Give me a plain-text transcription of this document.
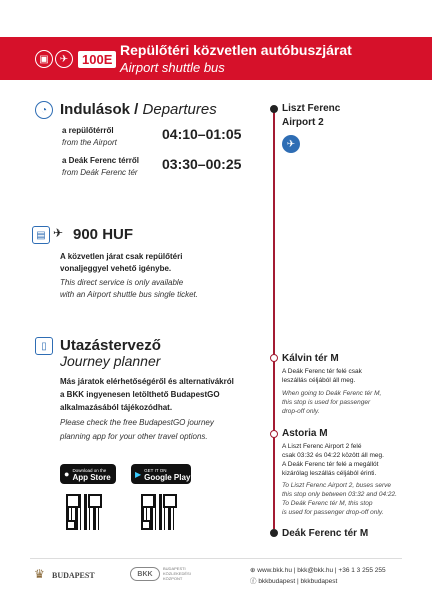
▣	✈	100E
Repülőtéri közvetlen autóbuszjárat
Airport shuttle bus
◔ Indulások / Departures
a repülőtérről
from the Airport
04:10–01:05
a Deák Ferenc térről
from Deák Ferenc tér
03:30–00:25
▤ ✈ 900 HUF
A közvetlen járat csak repülőtéri
vonaljeggyel vehető igénybe.
This direct service is only available
with an Airport shuttle bus single ticket.
▯ Utazástervező
Journey planner
Más járatok elérhetőségéről és alternatívákról
a BKK ingyenesen letölthető BudapestGO
alkalmazásából tájékozódhat.
Please check the free BudapestGO journey
planning app for your other travel options.
● Download on the
App Store	▶ GET IT ON
Google Play
Liszt Ferenc
Airport 2
✈
Kálvin tér M
A Deák Ferenc tér felé csak
leszállás céljából áll meg.
When going to Deák Ferenc tér M,
this stop is used for passenger
drop-off only.
Astoria M
A Liszt Ferenc Airport 2 felé
csak 03:32 és 04:22 között áll meg.
A Deák Ferenc tér felé a megállót
kizárólag leszállás céljából érinti.
To Liszt Ferenc Airport 2, buses serve
this stop only between 03:32 and 04:22.
To Deák Ferenc tér M, this stop
is used for passenger drop-off only.
Deák Ferenc tér M
♛ BUDAPEST	BKK
BUDAPESTI
KÖZLEKEDÉSI
KÖZPONT
⊕ www.bkk.hu | bkk@bkk.hu | +36 1 3 255 255
ⓕ bkkbudapest | bkkbudapest
